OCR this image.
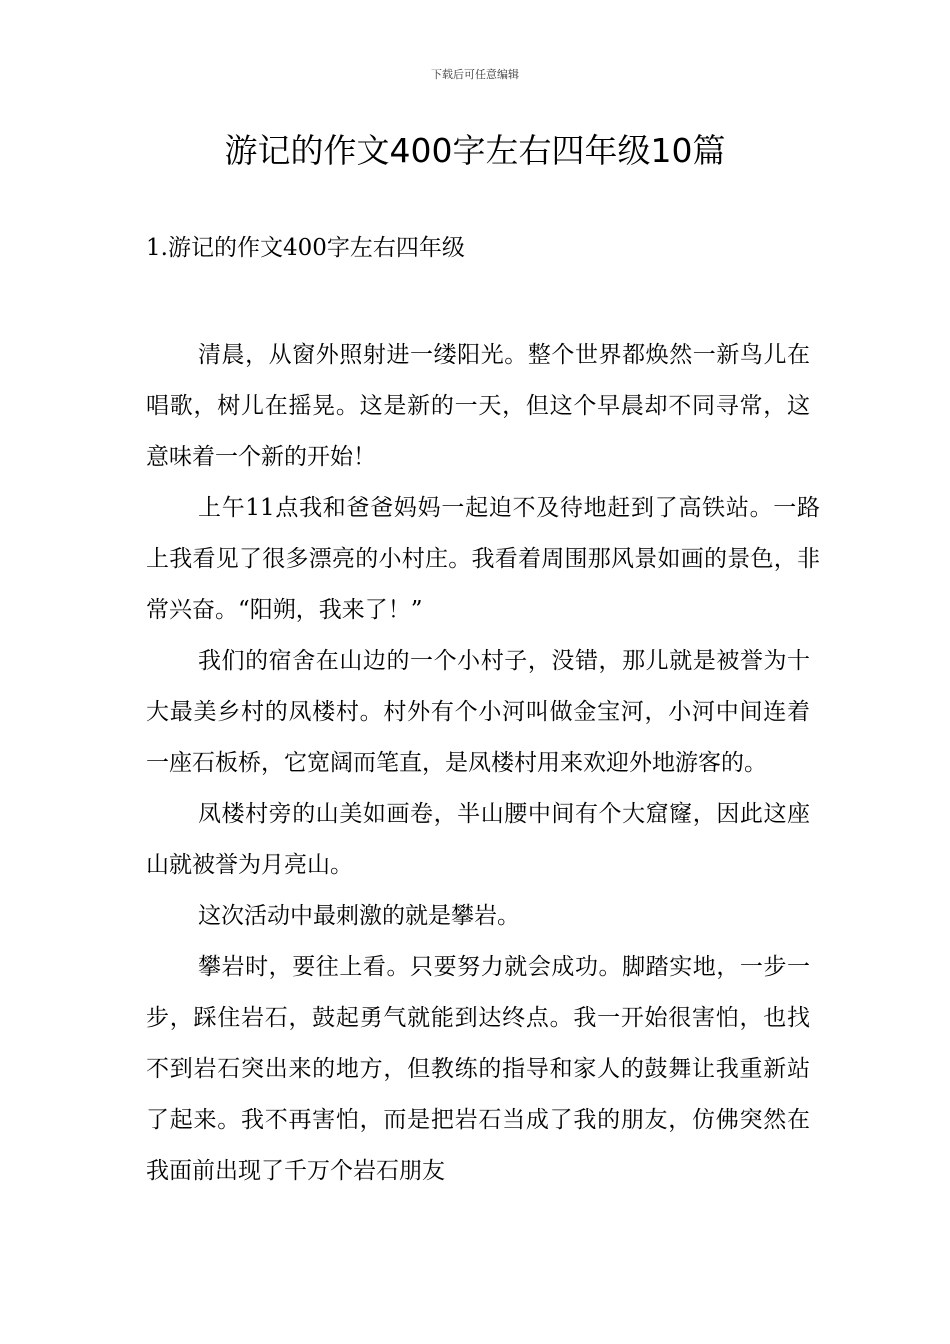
下载后可任意编辑
游记的作文400字左右四年级10篇
1.游记的作文400字左右四年级

清晨，从窗外照射进一缕阳光。整个世界都焕然一新鸟儿在唱歌，树儿在摇晃。这是新的一天，但这个早晨却不同寻常，这意味着一个新的开始！

上午11点我和爸爸妈妈一起迫不及待地赶到了高铁站。一路上我看见了很多漂亮的小村庄。我看着周围那风景如画的景色，非常兴奋。“阳朔，我来了！”

我们的宿舍在山边的一个小村子，没错，那儿就是被誉为十大最美乡村的凤楼村。村外有个小河叫做金宝河，小河中间连着一座石板桥，它宽阔而笔直，是凤楼村用来欢迎外地游客的。

凤楼村旁的山美如画卷，半山腰中间有个大窟窿，因此这座山就被誉为月亮山。

这次活动中最刺激的就是攀岩。

攀岩时，要往上看。只要努力就会成功。脚踏实地，一步一步，踩住岩石，鼓起勇气就能到达终点。我一开始很害怕，也找不到岩石突出来的地方，但教练的指导和家人的鼓舞让我重新站了起来。我不再害怕，而是把岩石当成了我的朋友，仿佛突然在我面前出现了千万个岩石朋友
